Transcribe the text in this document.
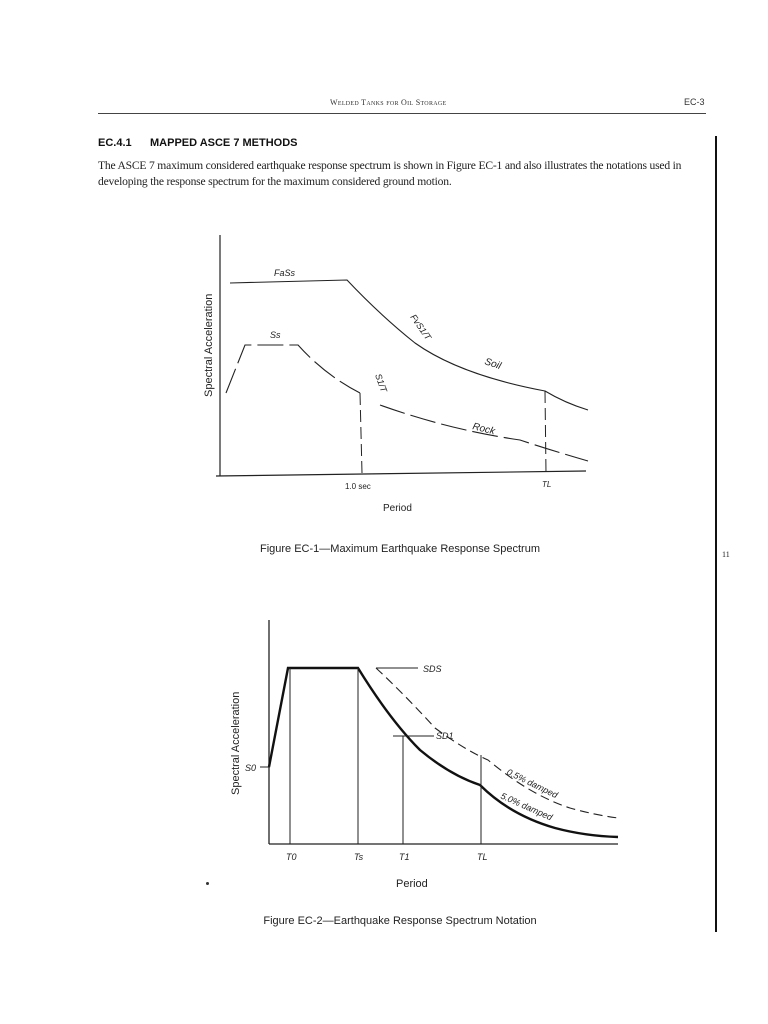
Welded Tanks for Oil Storage	EC-3
11
EC.4.1 MAPPED ASCE 7 METHODS
The ASCE 7 maximum considered earthquake response spectrum is shown in Figure EC-1 and also illustrates the notations used in developing the response spectrum for the maximum considered ground motion.
Spectral Acceleration
Period
FaSs
Ss	FvS1/T
S1/T
Soil
Rock
1.0 sec	TL
Figure EC-1—Maximum Earthquake Response Spectrum
Spectral Acceleration
Period
S0
SDS
SD1
0.5% damped
5.0% damped
T0	Ts	T1	TL
Figure EC-2—Earthquake Response Spectrum Notation
